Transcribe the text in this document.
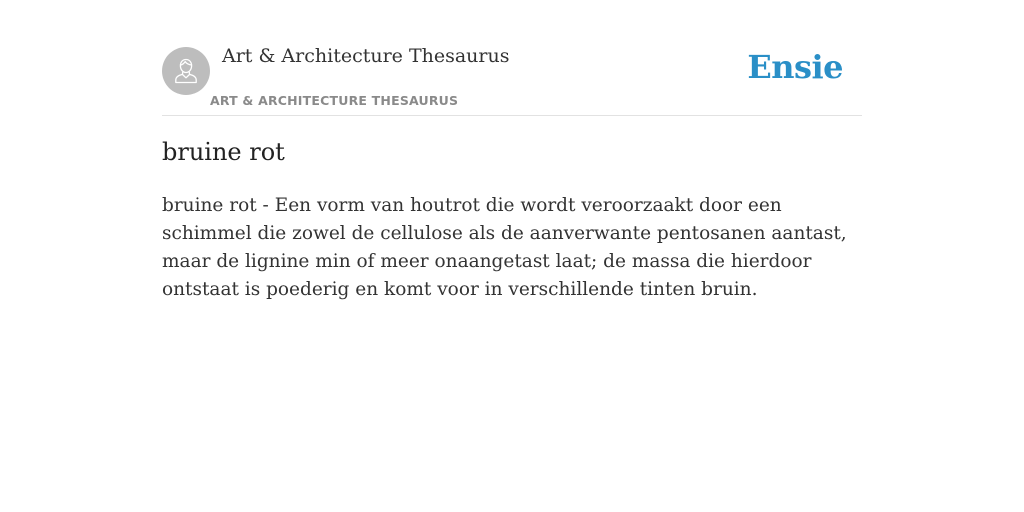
Art & Architecture Thesaurus
ART & ARCHITECTURE THESAURUS
Ensie
bruine rot

bruine rot - Een vorm van houtrot die wordt veroorzaakt door een schimmel die zowel de cellulose als de aanverwante pentosanen aantast, maar de lignine min of meer onaangetast laat; de massa die hierdoor ontstaat is poederig en komt voor in verschillende tinten bruin.
